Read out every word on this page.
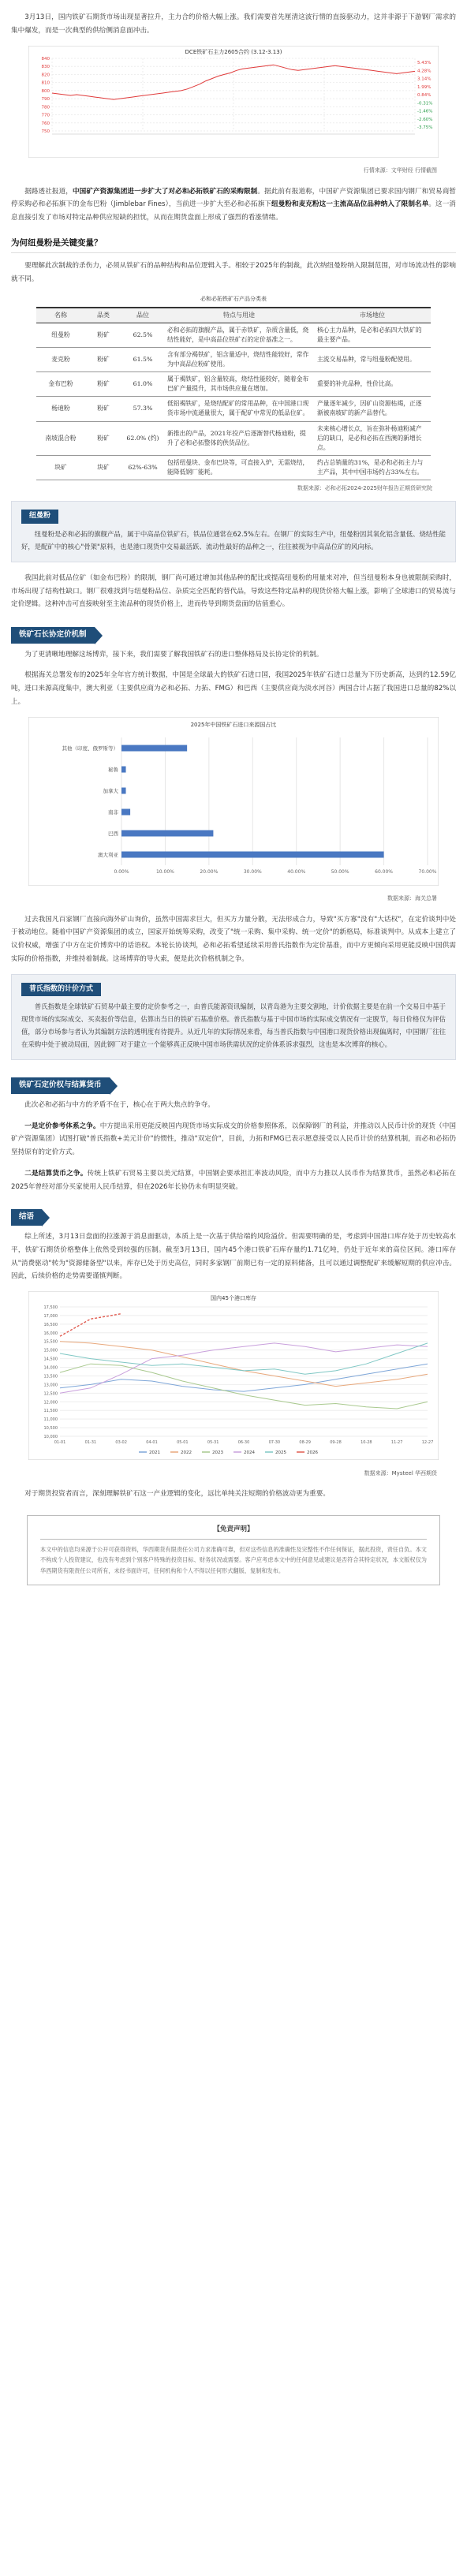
3月13日，国内铁矿石期货市场出现显著拉升，主力合约价格大幅上涨。我们需要首先厘清这波行情的直接驱动力，这并非源于下游钢厂需求的集中爆发，而是一次典型的供给侧消息面冲击。

DCE铁矿石主力2605合约 (3.12-3.13)
840
830
820
810
800
790
780
770
760
750
5.43%
4.28%
3.14%
1.99%
0.84%
-0.31%
-1.46%
-2.60%
-3.75%
行情来源：文华财经 行情截图

据路透社报道，中国矿产资源集团进一步扩大了对必和必拓铁矿石的采购限制。据此前有报道称，中国矿产资源集团已要求国内钢厂和贸易商暂停采购必和必拓旗下的金布巴粉（Jimblebar Fines），当前进一步扩大至必和必拓旗下纽曼粉和麦克粉这一主流高品位品种纳入了限制名单。这一消息直接引发了市场对特定品种供应短缺的担忧，从而在期货盘面上形成了强烈的看涨情绪。

为何纽曼粉是关键变量？

要理解此次制裁的杀伤力，必须从铁矿石的品种结构和品位逻辑入手。相较于2025年的制裁，此次纳纽曼粉纳入限制范围，对市场流动性的影响就不同。

必和必拓铁矿石产品分类表
名称	品类	品位	特点与用途	市场地位
纽曼粉	粉矿	62.5%	必和必拓的旗舰产品，属于赤铁矿，杂质含量低，烧结性能好，是中高品位铁矿石的定价基准之一。	核心主力品种，是必和必拓四大铁矿的最主要产品。
麦克粉	粉矿	61.5%	含有部分褐铁矿，铝含量适中，烧结性能较好，常作为中高品位粉矿使用。	主流交易品种，常与纽曼粉配使用。
金布巴粉	粉矿	61.0%	属于褐铁矿，铝含量较高，烧结性能较好，随着金布巴矿产量提升，其市场供应量在增加。	重要的补充品种，性价比高。
杨迪粉	粉矿	57.3%	低铝褐铁矿，是烧结配矿的常用品种，在中国港口现货市场中流通量很大，属于配矿中常见的低品位矿。	产量逐年减少，因矿山资源枯竭，正逐渐被南坡矿的新产品替代。
南坡混合粉	粉矿	62.0% (约)	新推出的产品，2021年投产后逐渐替代杨迪粉，提升了必和必拓整体的供货品位。	未来核心增长点，旨在弥补杨迪粉减产后的缺口，是必和必拓在西澳的新增长点。
块矿	块矿	62%-63%	包括纽曼块、金布巴块等，可直接入炉，无需烧结，能降低钢厂能耗。	约占总销量的31%，是必和必拓主力与主产品，其中中国市场约占33%左右。
数据来源：必和必拓2024-2025财年报告正期货研究院
纽曼粉

纽曼粉是必和必拓的旗舰产品，属于中高品位铁矿石，铁品位通常在62.5%左右。在钢厂的实际生产中，纽曼粉因其氧化铝含量低、烧结性能好，是配矿中的核心"骨架"原料，也是港口现货中交易最活跃、流动性最好的品种之一，往往被视为中高品位矿的风向标。

我国此前对低品位矿（如金布巴粉）的限制，钢厂尚可通过增加其他品种的配比或提高纽曼粉的用量来对冲，但当纽曼粉本身也被限制采购时，市场出现了结构性缺口。钢厂很难找到与纽曼粉品位、杂质完全匹配的替代品，导致这些特定品种的现货价格大幅上涨，影响了全球港口的贸易流与定价逻辑。这种冲击可直接映射至主流品种的现货价格上，进而传导到期货盘面的估值重心。

铁矿石长协定价机制

为了更清晰地理解这场博弈，接下来，我们需要了解我国铁矿石的进口整体格局及长协定价的机制。

根据海关总署发布的2025年全年官方统计数据，中国是全球最大的铁矿石进口国，我国2025年铁矿石进口总量为下历史新高，达到约12.59亿吨，进口来源高度集中，澳大利亚（主要供应商为必和必拓、力拓、FMG）和巴西（主要供应商为淡水河谷）两国合计占据了我国进口总量的82%以上。

2025年中国铁矿石进口来源国占比
其他（印度、俄罗斯等）
秘鲁
加拿大
南非
巴西
澳大利亚
0.00%	10.00%	20.00%	30.00%	40.00%	50.00%	60.00%	70.00%
数据来源：海关总署

过去我国凡百家钢厂直接向海外矿山询价，虽然中国需求巨大，但买方力量分散，无法形成合力，导致"买方寡"没有"大话权"，在定价谈判中处于被动地位。随着中国矿产资源集团的成立，国家开始统筹采购，改变了"统一采购、集中采购、统一定价"的新格局，标准谈判中。从成本上建立了议价权威，增强了中方在定价博弈中的话语权。本轮长协谈判，必和必拓希望延续采用普氏指数作为定价基准，而中方更倾向采用更能反映中国供需实际的价格指数，并维持着制裁。这场博弈的导火索，便是此次价格机制之争。

普氏指数的计价方式

普氏指数是全球铁矿石贸易中最主要的定价参考之一，由普氏能源资讯编制，以青岛港为主要交割地，计价依据主要是在前一个交易日中基于现货市场的实际成交、买卖报价等信息，估算出当日的铁矿石基准价格。普氏指数与基于中国市场的实际成交情况有一定脱节，每日价格仅为评估值，部分市场参与者认为其编制方法的透明度有待提升。从近几年的实际情况来看，每当普氏指数与中国港口现货价格出现偏离时，中国钢厂往往在采购中处于被动局面，因此钢厂对于建立一个能够真正反映中国市场供需状况的定价体系诉求强烈，这也是本次博弈的核心。

铁矿石定价权与结算货币

此次必和必拓与中方的矛盾不在于，核心在于两大焦点的争夺。

一是定价参考体系之争。中方提出采用更能反映国内现货市场实际成交的价格参照体系，以保障钢厂的利益，并推动以人民币计价的现货（中国矿产资源集团）试图打破"普氏指数+美元计价"的惯性，推动"双定价"，目前，力拓和FMG已表示愿意接受以人民币计价的结算机制，而必和必拓仍坚持原有的定价方式。

二是结算货币之争。传统上铁矿石贸易主要以美元结算，中国钢企要承担汇率波动风险，而中方力推以人民币作为结算货币，虽然必和必拓在2025年曾经对部分买家使用人民币结算，但在2026年长协仍未有明显突破。

结语

综上所述，3月13日盘面的拉涨源于消息面驱动，本质上是一次基于供给端的风险溢价。但需要明确的是，考虑到中国港口库存处于历史较高水平，铁矿石期货价格整体上依然受到较强的压制。截至3月13日，国内45个港口铁矿石库存量约1.71亿吨，仍处于近年来的高位区间。港口库存从"消费驱动"转为"资源储备型"以来，库存已处于历史高位，同时多家钢厂前期已有一定的原料储备，且可以通过调整配矿来缓解短期的供应冲击。因此，后续价格的走势需要谨慎判断。

国内45个港口库存
17,500
17,000
16,500
16,000
15,500
15,000
14,500
14,000
13,500
13,000
12,500
12,000
11,500
11,000
10,500
10,000
01-01	01-31	03-02	04-01	05-01	05-31	06-30	07-30	08-29	09-28	10-28	11-27	12-27
2021	2022	2023	2024	2025	2026
数据来源：Mysteel 华西期货

对于期货投资者而言，深刻理解铁矿石这一产业逻辑的变化，远比单纯关注短期的价格波动更为重要。

【免责声明】

本文中的信息均来源于公开可获得资料，华西期货有限责任公司力求准确可靠，但对这些信息的准确性及完整性不作任何保证，据此投资，责任自负。本文不构成个人投资建议，也没有考虑到个别客户特殊的投资目标、财务状况或需要。客户应考虑本文中的任何意见或建议是否符合其特定状况，本文版权仅为华西期货有限责任公司所有，未经书面许可，任何机构和个人不得以任何形式翻版、复制和发布。
